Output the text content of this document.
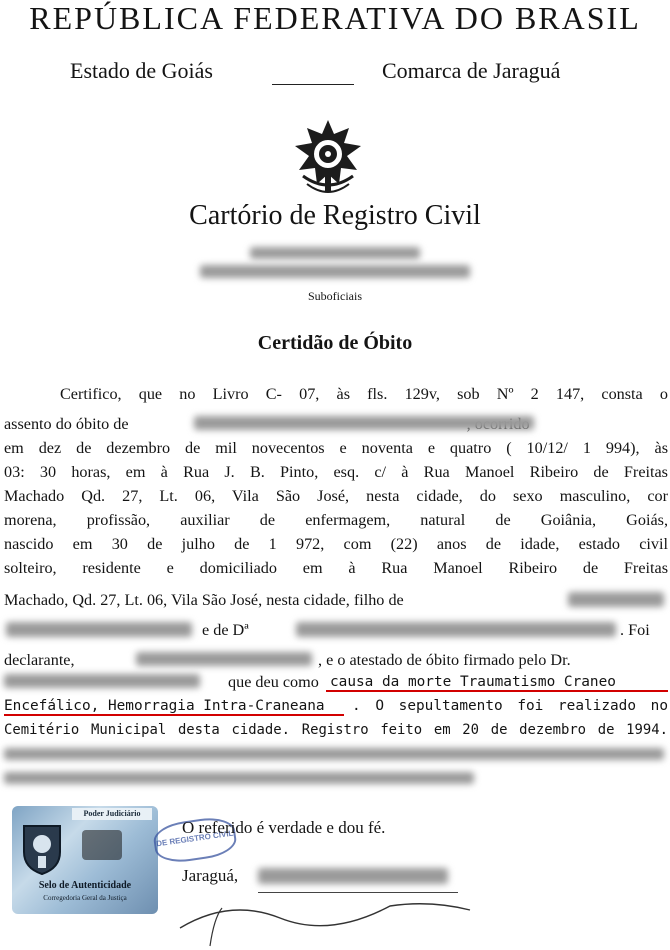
REPÚBLICA FEDERATIVA DO BRASIL
Estado de Goiás	Comarca de Jaraguá
Cartório de Registro Civil
Suboficiais
Certidão de Óbito
Certifico, que no Livro C- 07, às fls. 129v, sob Nº 2 147, consta o
assento do óbito de
em dez de dezembro de mil novecentos e noventa e quatro ( 10/12/ 1 994), às
03: 30 horas, em à Rua J. B. Pinto, esq. c/ à Rua Manoel Ribeiro de Freitas
Machado Qd. 27, Lt. 06, Vila São José, nesta cidade, do sexo masculino, cor
morena, profissão, auxiliar de enfermagem, natural de Goiânia, Goiás,
nascido em 30 de julho de 1 972, com (22) anos de idade, estado civil
solteiro, residente e domiciliado em à Rua Manoel Ribeiro de Freitas
Machado, Qd. 27, Lt. 06, Vila São José, nesta cidade, filho de
e de Dª	. Foi
declarante,	, e o atestado de óbito firmado pelo Dr.
que deu como causa da morte Traumatismo Craneo
Encefálico, Hemorragia Intra-Craneana . O sepultamento foi realizado no
Cemitério Municipal desta cidade. Registro feito em 20 de dezembro de 1994.
Poder Judiciário
Selo de Autenticidade
Corregedoria Geral da Justiça
DE REGISTRO CIVIL
O referido é verdade e dou fé.
Jaraguá,
